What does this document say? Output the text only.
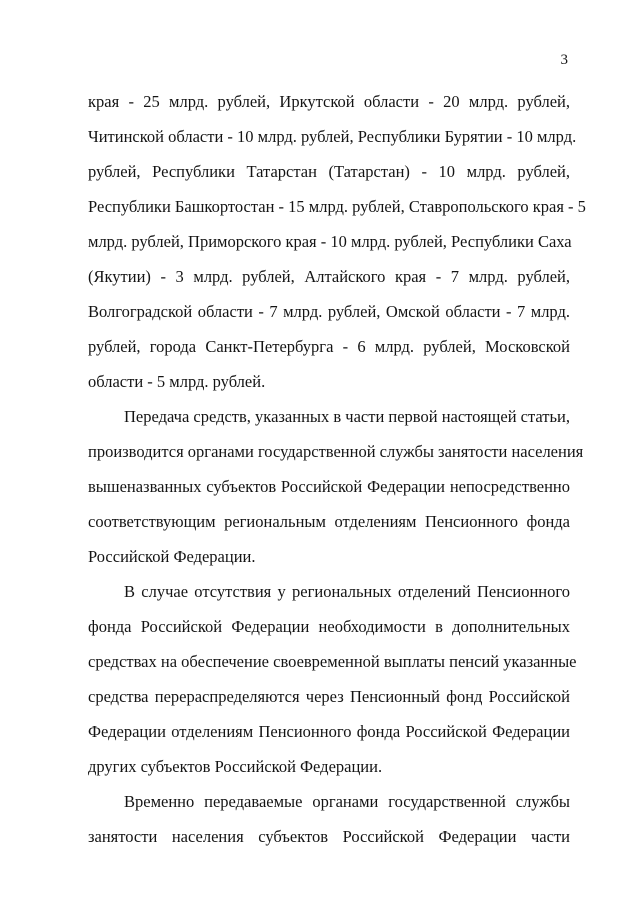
3
края - 25 млрд. рублей, Иркутской области - 20 млрд. рублей,
Читинской области - 10 млрд. рублей, Республики Бурятии - 10 млрд.
рублей, Республики Татарстан (Татарстан) - 10 млрд. рублей,
Республики Башкортостан - 15 млрд. рублей, Ставропольского края - 5
млрд. рублей, Приморского края - 10 млрд. рублей, Республики Саха
(Якутии) - 3 млрд. рублей, Алтайского края - 7 млрд. рублей,
Волгоградской области - 7 млрд. рублей, Омской области - 7 млрд.
рублей, города Санкт-Петербурга - 6 млрд. рублей, Московской
области - 5 млрд. рублей.
Передача средств, указанных в части первой настоящей статьи,
производится органами государственной службы занятости населения
вышеназванных субъектов Российской Федерации непосредственно
соответствующим региональным отделениям Пенсионного фонда
Российской Федерации.
В случае отсутствия у региональных отделений Пенсионного
фонда Российской Федерации необходимости в дополнительных
средствах на обеспечение своевременной выплаты пенсий указанные
средства перераспределяются через Пенсионный фонд Российской
Федерации отделениям Пенсионного фонда Российской Федерации
других субъектов Российской Федерации.
Временно передаваемые органами государственной службы
занятости населения субъектов Российской Федерации части
